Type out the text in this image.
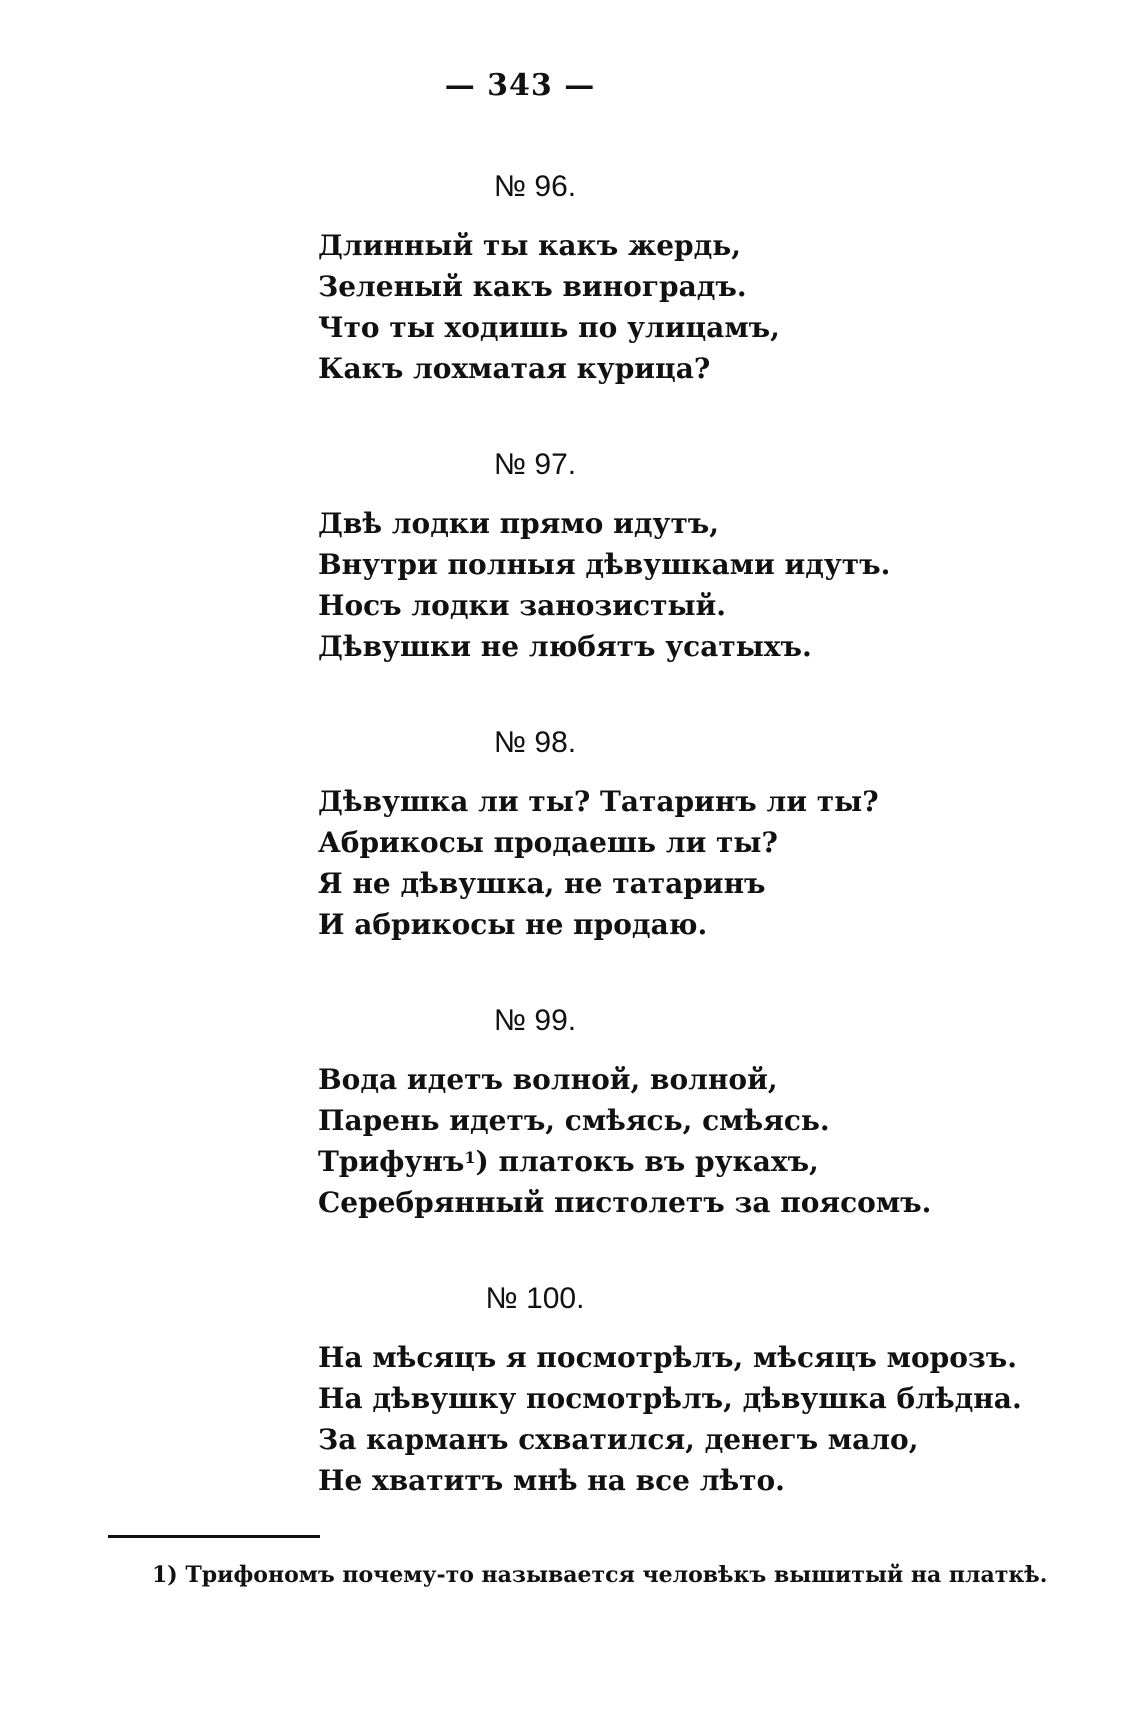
— 343 —
№ 96.
Длинный ты какъ жердь,
Зеленый какъ виноградъ.
Что ты ходишь по улицамъ,
Какъ лохматая курица?
№ 97.
Двѣ лодки прямо идутъ,
Внутри полныя дѣвушками идутъ.
Носъ лодки занозистый.
Дѣвушки не любятъ усатыхъ.
№ 98.
Дѣвушка ли ты? Татаринъ ли ты?
Абрикосы продаешь ли ты?
Я не дѣвушка, не татаринъ
И абрикосы не продаю.
№ 99.
Вода идетъ волной, волной,
Парень идетъ, смѣясь, смѣясь.
Трифунъ$^1$) платокъ въ рукахъ,
Серебрянный пистолетъ за поясомъ.
№ 100.
На мѣсяцъ я посмотрѣлъ, мѣсяцъ морозъ.
На дѣвушку посмотрѣлъ, дѣвушка блѣдна.
За карманъ схватился, денегъ мало,
Не хватитъ мнѣ на все лѣто.
1) Трифономъ почему-то называется человѣкъ вышитый на платкѣ.
